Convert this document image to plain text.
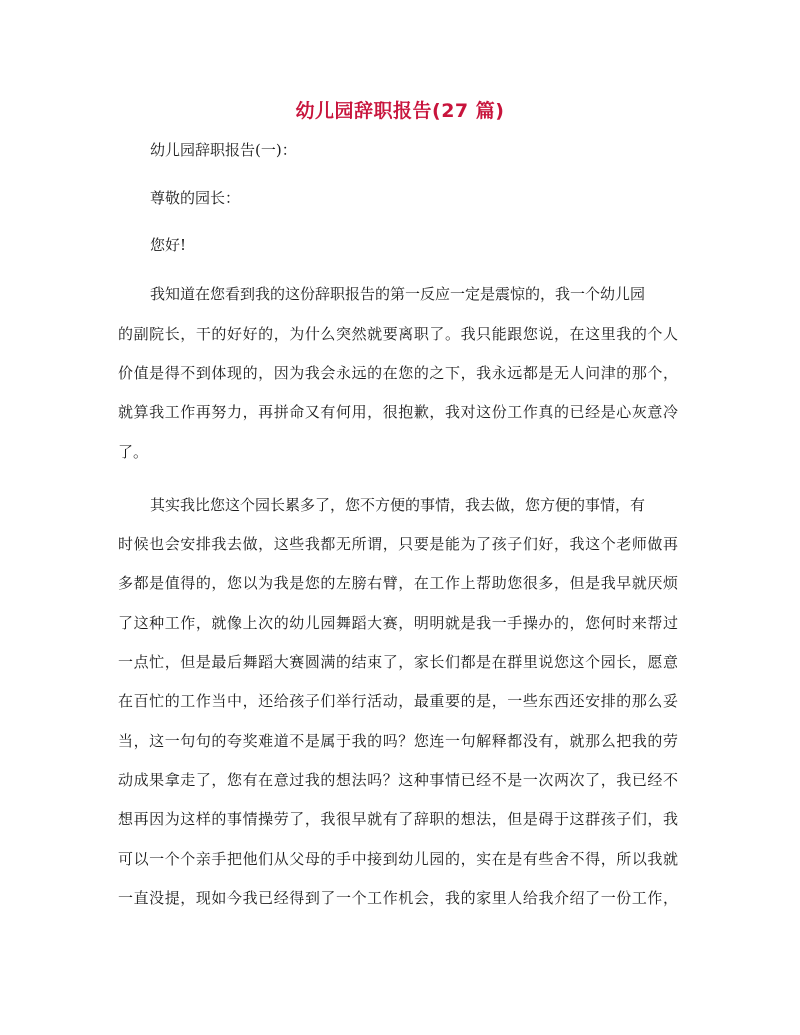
幼儿园辞职报告(27 篇)
幼儿园辞职报告(一)：
尊敬的园长：
您好!
我知道在您看到我的这份辞职报告的第一反应一定是震惊的，我一个幼儿园
的副院长，干的好好的，为什么突然就要离职了。我只能跟您说，在这里我的个人
价值是得不到体现的，因为我会永远的在您的之下，我永远都是无人问津的那个，
就算我工作再努力，再拼命又有何用，很抱歉，我对这份工作真的已经是心灰意冷
了。
其实我比您这个园长累多了，您不方便的事情，我去做，您方便的事情，有
时候也会安排我去做，这些我都无所谓，只要是能为了孩子们好，我这个老师做再
多都是值得的，您以为我是您的左膀右臂，在工作上帮助您很多，但是我早就厌烦
了这种工作，就像上次的幼儿园舞蹈大赛，明明就是我一手操办的，您何时来帮过
一点忙，但是最后舞蹈大赛圆满的结束了，家长们都是在群里说您这个园长，愿意
在百忙的工作当中，还给孩子们举行活动，最重要的是，一些东西还安排的那么妥
当，这一句句的夸奖难道不是属于我的吗？您连一句解释都没有，就那么把我的劳
动成果拿走了，您有在意过我的想法吗？这种事情已经不是一次两次了，我已经不
想再因为这样的事情操劳了，我很早就有了辞职的想法，但是碍于这群孩子们，我
可以一个个亲手把他们从父母的手中接到幼儿园的，实在是有些舍不得，所以我就
一直没提，现如今我已经得到了一个工作机会，我的家里人给我介绍了一份工作，
